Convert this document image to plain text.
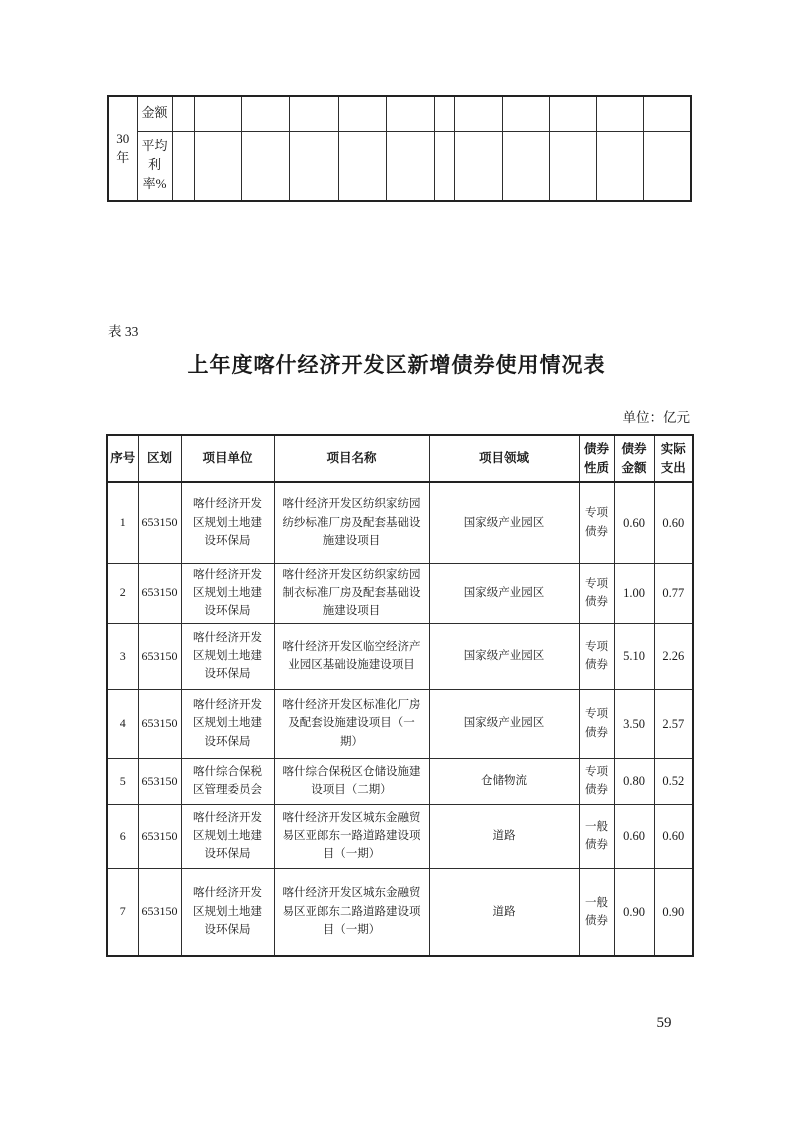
30年	金额												
	平均利率%												
表 33
上年度喀什经济开发区新增债券使用情况表
单位：亿元
序号	区划	项目单位	项目名称	项目领域	债券性质	债券金额	实际支出
1	653150	喀什经济开发区规划土地建设环保局	喀什经济开发区纺织家纺园纺纱标准厂房及配套基础设施建设项目	国家级产业园区	专项债券	0.60	0.60
2	653150	喀什经济开发区规划土地建设环保局	喀什经济开发区纺织家纺园制衣标准厂房及配套基础设施建设项目	国家级产业园区	专项债券	1.00	0.77
3	653150	喀什经济开发区规划土地建设环保局	喀什经济开发区临空经济产业园区基础设施建设项目	国家级产业园区	专项债券	5.10	2.26
4	653150	喀什经济开发区规划土地建设环保局	喀什经济开发区标准化厂房及配套设施建设项目（一期）	国家级产业园区	专项债券	3.50	2.57
5	653150	喀什综合保税区管理委员会	喀什综合保税区仓储设施建设项目（二期）	仓储物流	专项债券	0.80	0.52
6	653150	喀什经济开发区规划土地建设环保局	喀什经济开发区城东金融贸易区亚郎东一路道路建设项目（一期）	道路	一般债券	0.60	0.60
7	653150	喀什经济开发区规划土地建设环保局	喀什经济开发区城东金融贸易区亚郎东二路道路建设项目（一期）	道路	一般债券	0.90	0.90
59
